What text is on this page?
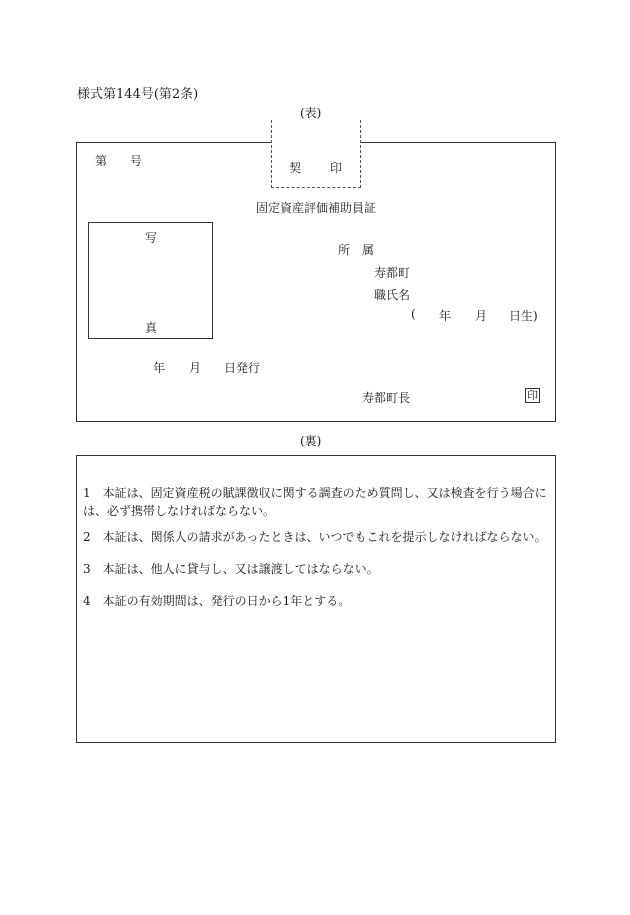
様式第144号(第2条)
(表)
契 印
第 号
固定資産評価補助員証
写
真
所　属
寿都町
職氏名
( 年 月 日生)
年 月 日発行
寿都町長	印
(裏)
1　本証は、固定資産税の賦課徴収に関する調査のため質問し、又は検査を行う場合には、必ず携帯しなければならない。
2　本証は、関係人の請求があったときは、いつでもこれを提示しなければならない。
3　本証は、他人に貸与し、又は譲渡してはならない。
4　本証の有効期間は、発行の日から1年とする。
